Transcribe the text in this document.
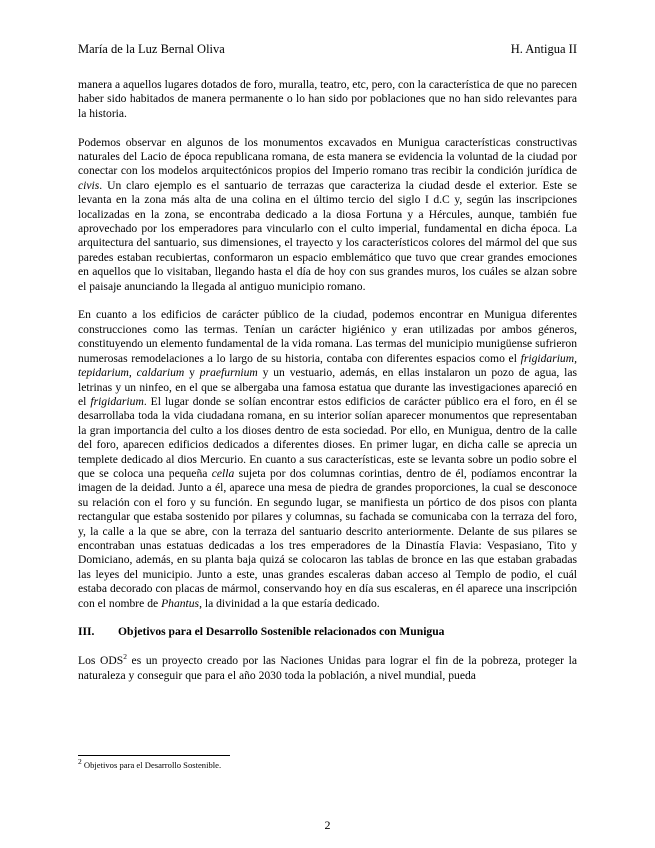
María de la Luz Bernal Oliva	H. Antigua II

manera a aquellos lugares dotados de foro, muralla, teatro, etc, pero, con la característica de que no parecen haber sido habitados de manera permanente o lo han sido por poblaciones que no han sido relevantes para la historia.

Podemos observar en algunos de los monumentos excavados en Munigua características constructivas naturales del Lacio de época republicana romana, de esta manera se evidencia la voluntad de la ciudad por conectar con los modelos arquitectónicos propios del Imperio romano tras recibir la condición jurídica de civis. Un claro ejemplo es el santuario de terrazas que caracteriza la ciudad desde el exterior. Este se levanta en la zona más alta de una colina en el último tercio del siglo I d.C y, según las inscripciones localizadas en la zona, se encontraba dedicado a la diosa Fortuna y a Hércules, aunque, también fue aprovechado por los emperadores para vincularlo con el culto imperial, fundamental en dicha época. La arquitectura del santuario, sus dimensiones, el trayecto y los característicos colores del mármol del que sus paredes estaban recubiertas, conformaron un espacio emblemático que tuvo que crear grandes emociones en aquellos que lo visitaban, llegando hasta el día de hoy con sus grandes muros, los cuáles se alzan sobre el paisaje anunciando la llegada al antiguo municipio romano.

En cuanto a los edificios de carácter público de la ciudad, podemos encontrar en Munigua diferentes construcciones como las termas. Tenían un carácter higiénico y eran utilizadas por ambos géneros, constituyendo un elemento fundamental de la vida romana. Las termas del municipio munigüense sufrieron numerosas remodelaciones a lo largo de su historia, contaba con diferentes espacios como el frigidarium, tepidarium, caldarium y praefurnium y un vestuario, además, en ellas instalaron un pozo de agua, las letrinas y un ninfeo, en el que se albergaba una famosa estatua que durante las investigaciones apareció en el frigidarium. El lugar donde se solían encontrar estos edificios de carácter público era el foro, en él se desarrollaba toda la vida ciudadana romana, en su interior solían aparecer monumentos que representaban la gran importancia del culto a los dioses dentro de esta sociedad. Por ello, en Munigua, dentro de la calle del foro, aparecen edificios dedicados a diferentes dioses. En primer lugar, en dicha calle se aprecia un templete dedicado al dios Mercurio. En cuanto a sus características, este se levanta sobre un podio sobre el que se coloca una pequeña cella sujeta por dos columnas corintias, dentro de él, podíamos encontrar la imagen de la deidad. Junto a él, aparece una mesa de piedra de grandes proporciones, la cual se desconoce su relación con el foro y su función. En segundo lugar, se manifiesta un pórtico de dos pisos con planta rectangular que estaba sostenido por pilares y columnas, su fachada se comunicaba con la terraza del foro, y, la calle a la que se abre, con la terraza del santuario descrito anteriormente. Delante de sus pilares se encontraban unas estatuas dedicadas a los tres emperadores de la Dinastía Flavia: Vespasiano, Tito y Domiciano, además, en su planta baja quizá se colocaron las tablas de bronce en las que estaban grabadas las leyes del municipio. Junto a este, unas grandes escaleras daban acceso al Templo de podio, el cuál estaba decorado con placas de mármol, conservando hoy en día sus escaleras, en él aparece una inscripción con el nombre de Phantus, la divinidad a la que estaría dedicado.

III. Objetivos para el Desarrollo Sostenible relacionados con Munigua

Los ODS$^2$ es un proyecto creado por las Naciones Unidas para lograr el fin de la pobreza, proteger la naturaleza y conseguir que para el año 2030 toda la población, a nivel mundial, pueda

$^2$ Objetivos para el Desarrollo Sostenible.
2
